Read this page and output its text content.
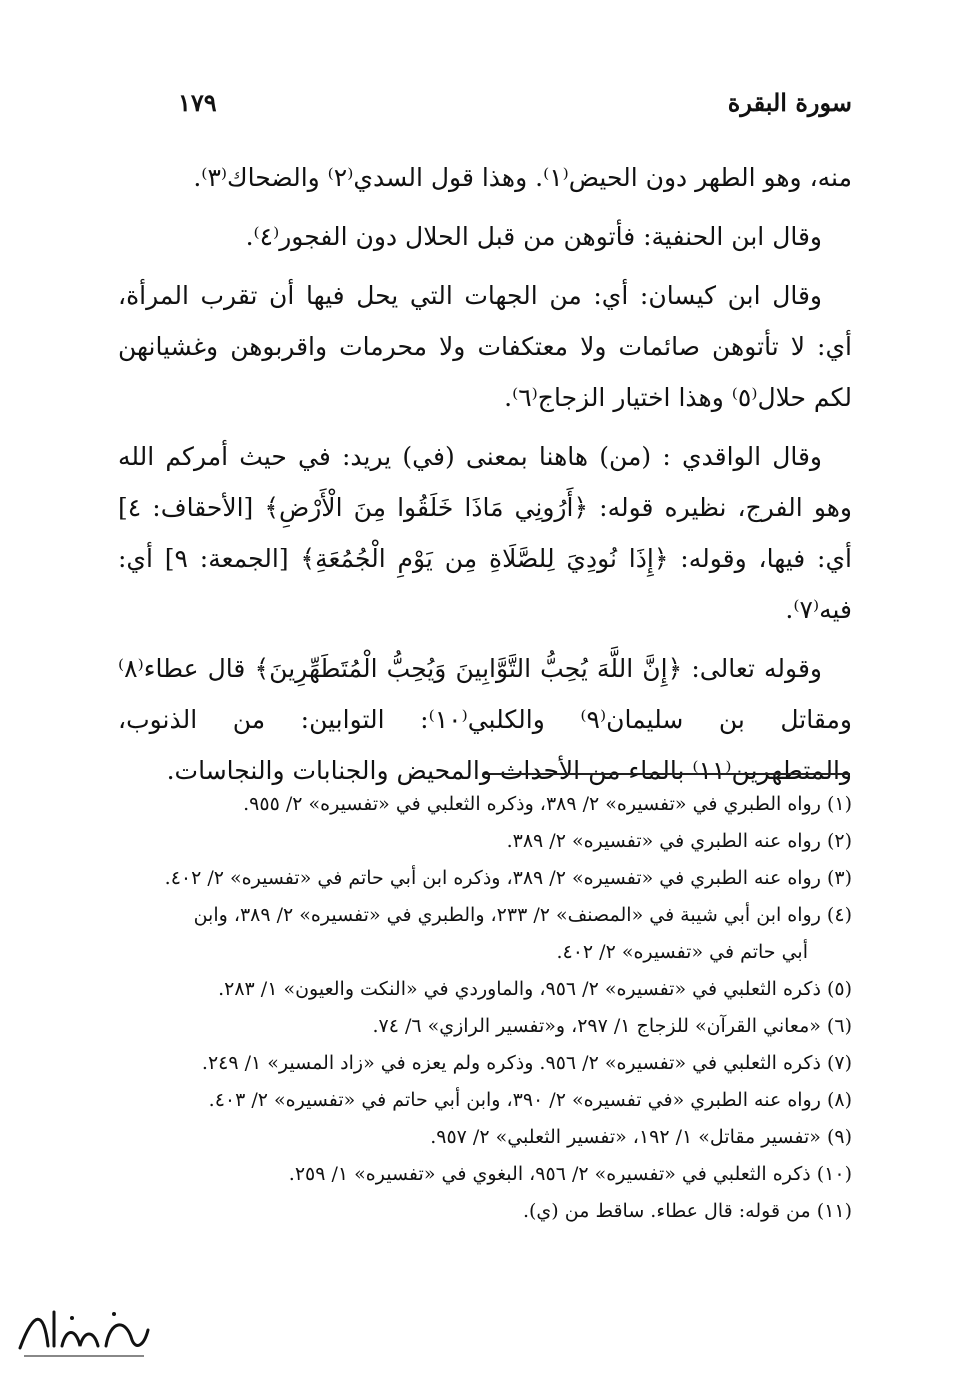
سورة البقرة
١٧٩

منه، وهو الطهر دون الحيض⁽١⁾. وهذا قول السدي⁽٢⁾ والضحاك⁽٣⁾.

وقال ابن الحنفية: فأتوهن من قبل الحلال دون الفجور⁽٤⁾.

وقال ابن كيسان: أي: من الجهات التي يحل فيها أن تقرب المرأة، أي: لا تأتوهن صائمات ولا معتكفات ولا محرمات واقربوهن وغشيانهن لكم حلال⁽٥⁾ وهذا اختيار الزجاج⁽٦⁾.

وقال الواقدي : (من) هاهنا بمعنى (في) يريد: في حيث أمركم الله وهو الفرج، نظيره قوله: ﴿أَرُونِي مَاذَا خَلَقُوا مِنَ الْأَرْضِ﴾ [الأحقاف: ٤] أي: فيها، وقوله: ﴿إِذَا نُودِيَ لِلصَّلَاةِ مِن يَوْمِ الْجُمُعَةِ﴾ [الجمعة: ٩] أي: فيه⁽٧⁾.

وقوله تعالى: ﴿إِنَّ اللَّهَ يُحِبُّ التَّوَّابِينَ وَيُحِبُّ الْمُتَطَهِّرِينَ﴾ قال عطاء⁽٨⁾ ومقاتل بن سليمان⁽٩⁾ والكلبي⁽١٠⁾: التوابين: من الذنوب، والمتطهرين⁽١١⁾ بالماء من الأحداث والمحيض والجنابات والنجاسات.

(١) رواه الطبري في «تفسيره» ٢/ ٣٨٩، وذكره الثعلبي في «تفسيره» ٢/ ٩٥٥.

(٢) رواه عنه الطبري في «تفسيره» ٢/ ٣٨٩.

(٣) رواه عنه الطبري في «تفسيره» ٢/ ٣٨٩، وذكره ابن أبي حاتم في «تفسيره» ٢/ ٤٠٢.

(٤) رواه ابن أبي شيبة في «المصنف» ٢/ ٢٣٣، والطبري في «تفسيره» ٢/ ٣٨٩، وابن

أبي حاتم في «تفسيره» ٢/ ٤٠٢.

(٥) ذكره الثعلبي في «تفسيره» ٢/ ٩٥٦، والماوردي في «النكت والعيون» ١/ ٢٨٣.

(٦) «معاني القرآن» للزجاج ١/ ٢٩٧، و«تفسير الرازي» ٦/ ٧٤.

(٧) ذكره الثعلبي في «تفسيره» ٢/ ٩٥٦. وذكره ولم يعزه في «زاد المسير» ١/ ٢٤٩.

(٨) رواه عنه الطبري «في تفسيره» ٢/ ٣٩٠، وابن أبي حاتم في «تفسيره» ٢/ ٤٠٣.

(٩) «تفسير مقاتل» ١/ ١٩٢، «تفسير الثعلبي» ٢/ ٩٥٧.

(١٠) ذكره الثعلبي في «تفسيره» ٢/ ٩٥٦، البغوي في «تفسيره» ١/ ٢٥٩.

(١١) من قوله: قال عطاء. ساقط من (ي).
